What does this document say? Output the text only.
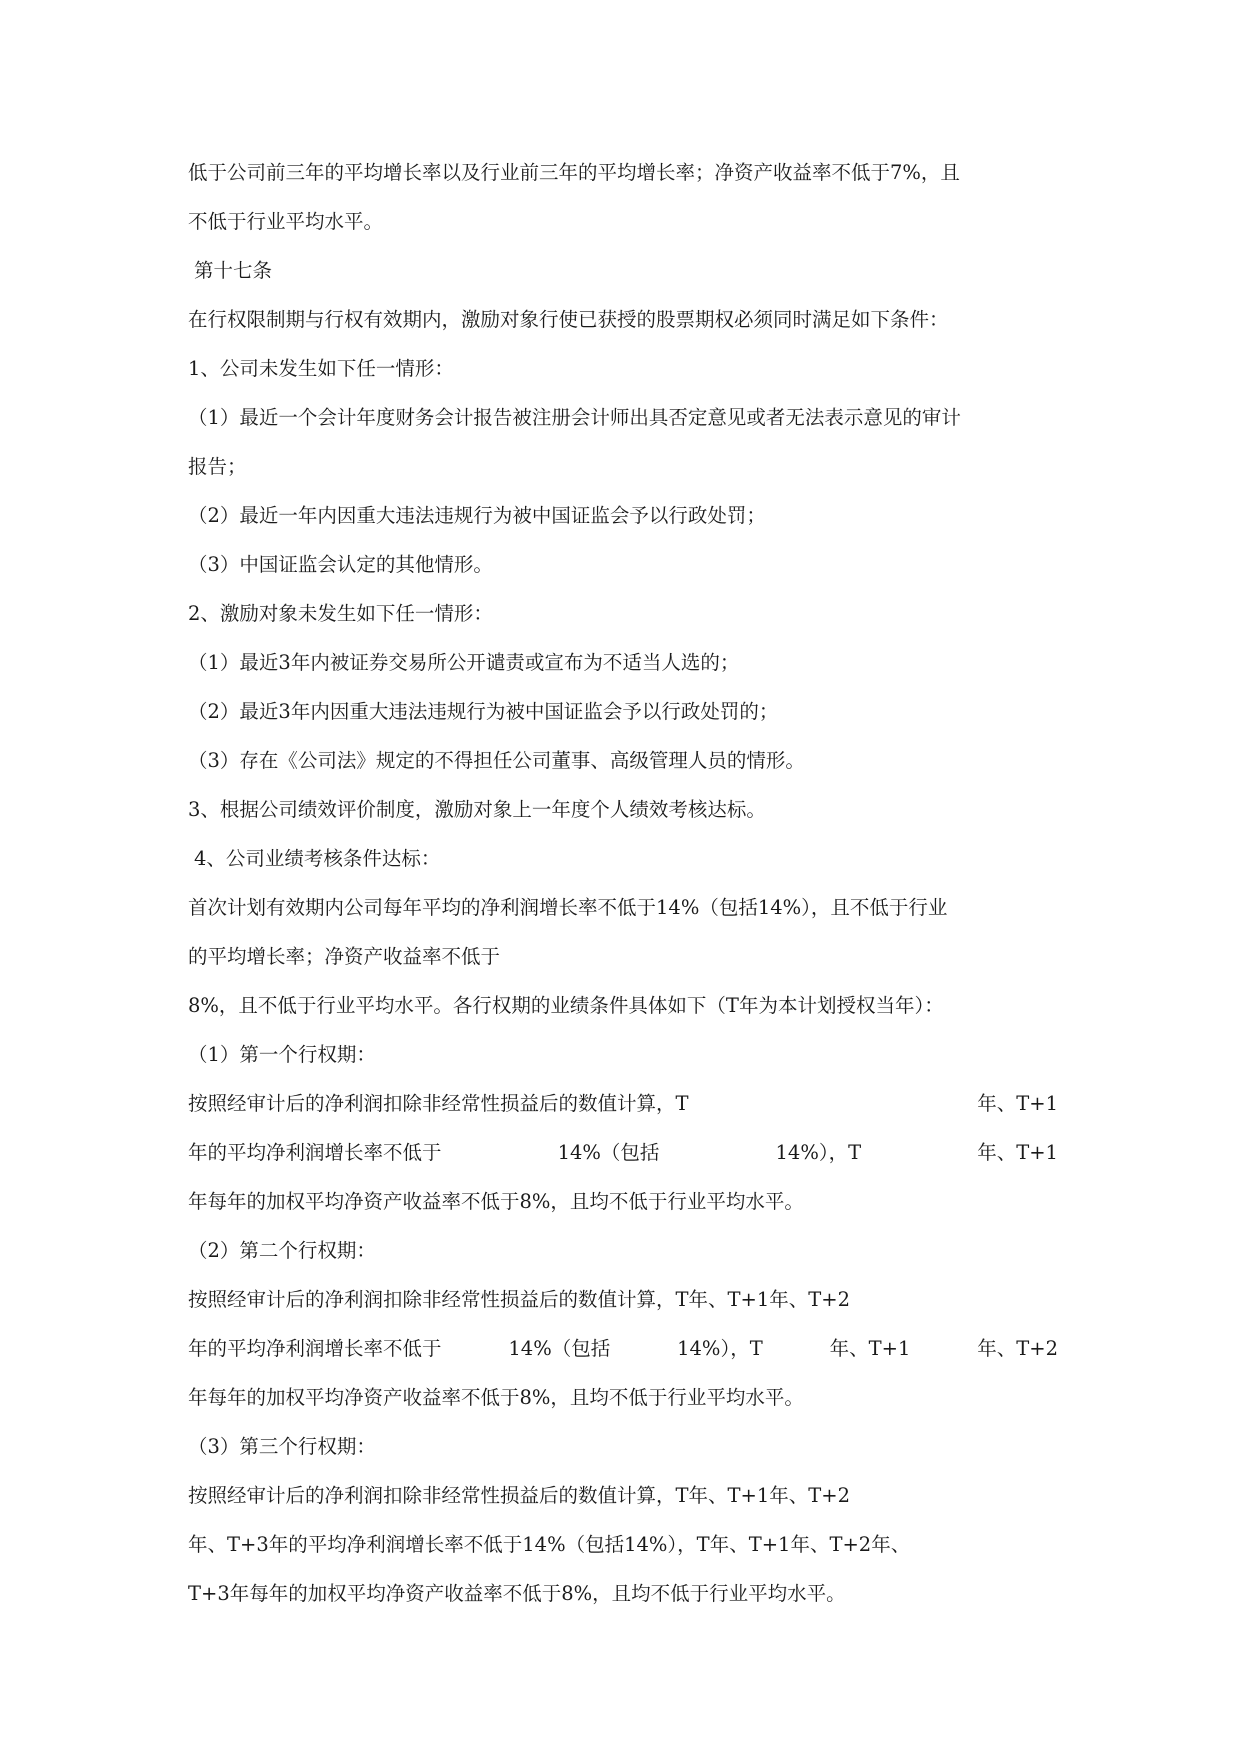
低于公司前三年的平均增长率以及行业前三年的平均增长率；净资产收益率不低于7%，且
不低于行业平均水平。
第十七条
在行权限制期与行权有效期内，激励对象行使已获授的股票期权必须同时满足如下条件：
1、公司未发生如下任一情形：
（1）最近一个会计年度财务会计报告被注册会计师出具否定意见或者无法表示意见的审计
报告；
（2）最近一年内因重大违法违规行为被中国证监会予以行政处罚；
（3）中国证监会认定的其他情形。
2、激励对象未发生如下任一情形：
（1）最近3年内被证券交易所公开谴责或宣布为不适当人选的；
（2）最近3年内因重大违法违规行为被中国证监会予以行政处罚的；
（3）存在《公司法》规定的不得担任公司董事、高级管理人员的情形。
3、根据公司绩效评价制度，激励对象上一年度个人绩效考核达标。
4、公司业绩考核条件达标：
首次计划有效期内公司每年平均的净利润增长率不低于14%（包括14%），且不低于行业
的平均增长率；净资产收益率不低于
8%，且不低于行业平均水平。各行权期的业绩条件具体如下（T年为本计划授权当年）：
（1）第一个行权期：
按照经审计后的净利润扣除非经常性损益后的数值计算，T	年、T+1
年的平均净利润增长率不低于	14%（包括	14%），T	年、T+1
年每年的加权平均净资产收益率不低于8%，且均不低于行业平均水平。
（2）第二个行权期：
按照经审计后的净利润扣除非经常性损益后的数值计算，T年、T+1年、T+2
年的平均净利润增长率不低于	14%（包括	14%），T	年、T+1	年、T+2
年每年的加权平均净资产收益率不低于8%，且均不低于行业平均水平。
（3）第三个行权期：
按照经审计后的净利润扣除非经常性损益后的数值计算，T年、T+1年、T+2
年、T+3年的平均净利润增长率不低于14%（包括14%），T年、T+1年、T+2年、
T+3年每年的加权平均净资产收益率不低于8%，且均不低于行业平均水平。
